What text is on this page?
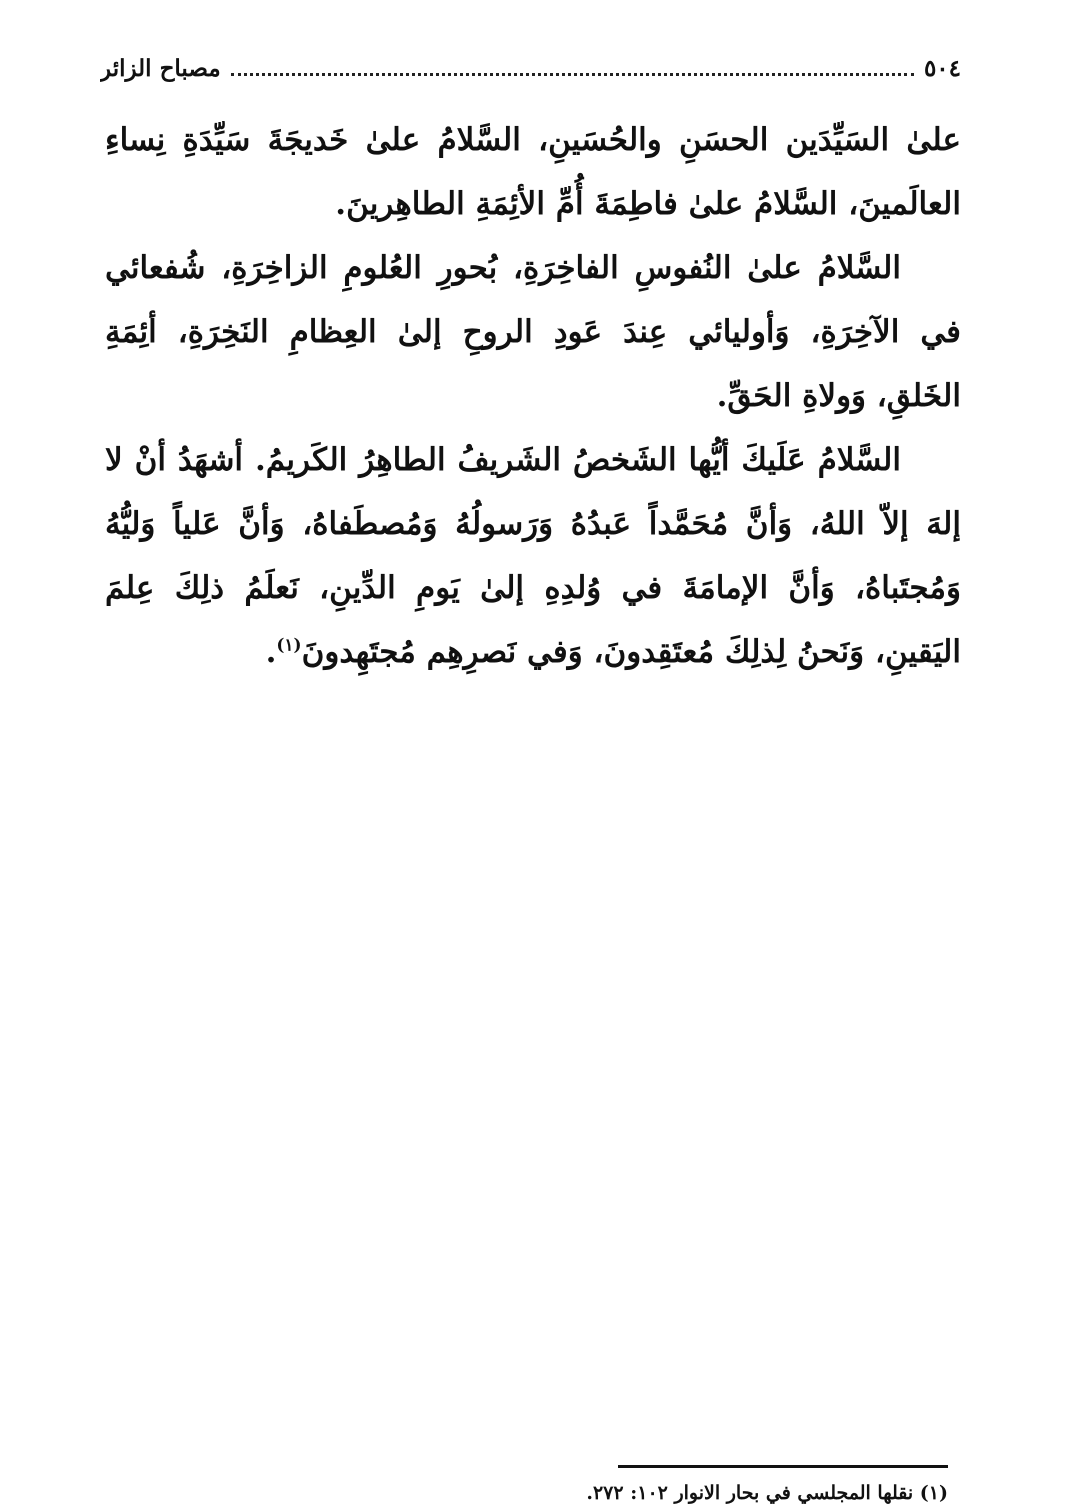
٥٠٤
مصباح الزائر

علىٰ السَيِّدَين الحسَنِ والحُسَينِ، السَّلامُ علىٰ خَديجَةَ سَيِّدَةِ نِساءِ العالَمينَ، السَّلامُ علىٰ فاطِمَةَ أُمِّ الأئِمَةِ الطاهِرينَ.

السَّلامُ علىٰ النُفوسِ الفاخِرَةِ، بُحورِ العُلومِ الزاخِرَةِ، شُفعائي في الآخِرَةِ، وَأوليائي عِندَ عَودِ الروحِ إلىٰ العِظامِ النَخِرَةِ، أئِمَةِ الخَلقِ، وَولاةِ الحَقِّ.

السَّلامُ عَلَيكَ أيُّها الشَخصُ الشَريفُ الطاهِرُ الكَريمُ. أشهَدُ أنْ لا إلهَ إلاّ اللهُ، وَأنَّ مُحَمَّداً عَبدُهُ وَرَسولُهُ وَمُصطَفاهُ، وَأنَّ عَلياً وَليُّهُ وَمُجتَباهُ، وَأنَّ الإمامَةَ في وُلدِهِ إلىٰ يَومِ الدِّينِ، نَعلَمُ ذلِكَ عِلمَ اليَقينِ، وَنَحنُ لِذلِكَ مُعتَقِدونَ، وَفي نَصرِهِم مُجتَهِدونَ$^{(١)}$.

(١) نقلها المجلسي في بحار الانوار ١٠٢: ٢٧٢.
